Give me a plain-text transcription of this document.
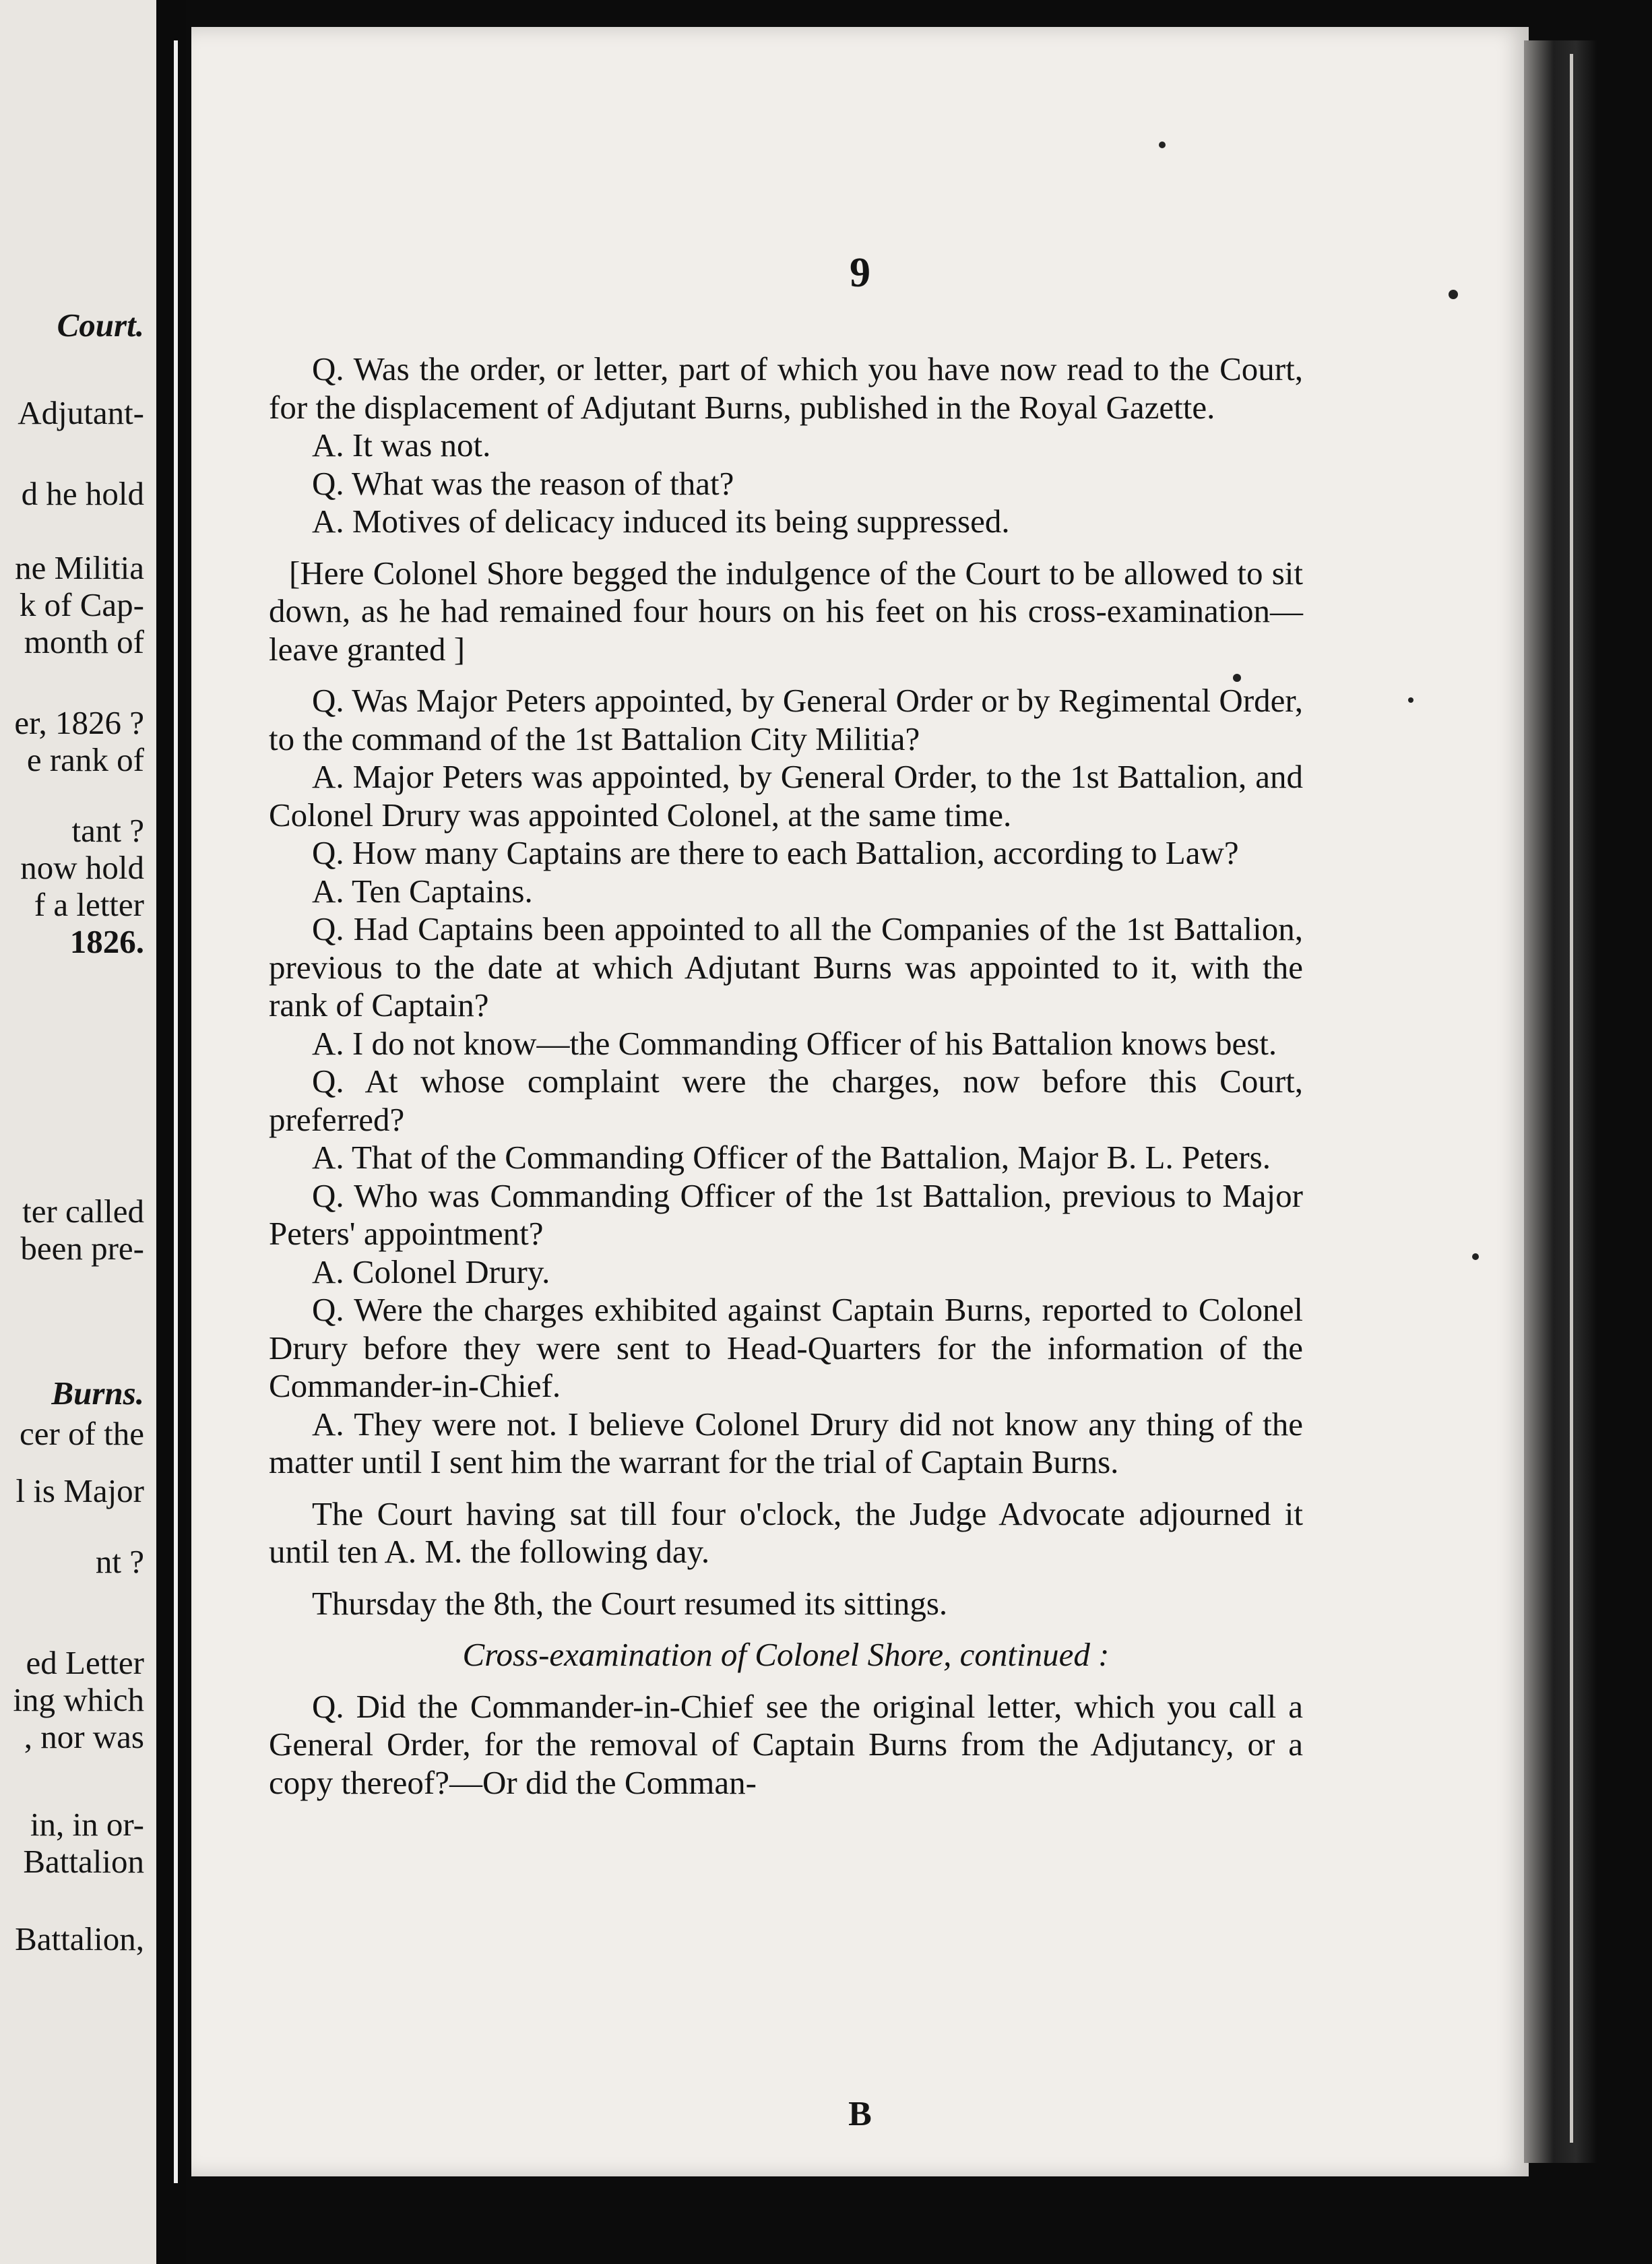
Court.
Adjutant-
d he hold
ne Militia
k of Cap-
month of
er, 1826 ?
e rank of
tant ?
now hold
f a letter
1826.
ter called
been pre-
Burns.
cer of the
l is Major
nt ?
ed Letter
ing which
, nor was
in, in or-
Battalion
Battalion,
9

Q. Was the order, or letter, part of which you have now read to the Court, for the displacement of Adjutant Burns, published in the Royal Gazette.

A. It was not.

Q. What was the reason of that?

A. Motives of delicacy induced its being suppressed.

[Here Colonel Shore begged the indulgence of the Court to be allowed to sit down, as he had remained four hours on his feet on his cross-examination—leave granted ]

Q. Was Major Peters appointed, by General Order or by Regimental Order, to the command of the 1st Battalion City Militia?

A. Major Peters was appointed, by General Order, to the 1st Battalion, and Colonel Drury was appointed Colonel, at the same time.

Q. How many Captains are there to each Battalion, according to Law?

A. Ten Captains.

Q. Had Captains been appointed to all the Companies of the 1st Battalion, previous to the date at which Adjutant Burns was appointed to it, with the rank of Captain?

A. I do not know—the Commanding Officer of his Battalion knows best.

Q. At whose complaint were the charges, now before this Court, preferred?

A. That of the Commanding Officer of the Battalion, Major B. L. Peters.

Q. Who was Commanding Officer of the 1st Battalion, previous to Major Peters' appointment?

A. Colonel Drury.

Q. Were the charges exhibited against Captain Burns, reported to Colonel Drury before they were sent to Head-Quarters for the information of the Commander-in-Chief.

A. They were not. I believe Colonel Drury did not know any thing of the matter until I sent him the warrant for the trial of Captain Burns.

The Court having sat till four o'clock, the Judge Advocate adjourned it until ten A. M. the following day.

Thursday the 8th, the Court resumed its sittings.

Cross-examination of Colonel Shore, continued :

Q. Did the Commander-in-Chief see the original letter, which you call a General Order, for the removal of Captain Burns from the Adjutancy, or a copy thereof?—Or did the Comman-

B
